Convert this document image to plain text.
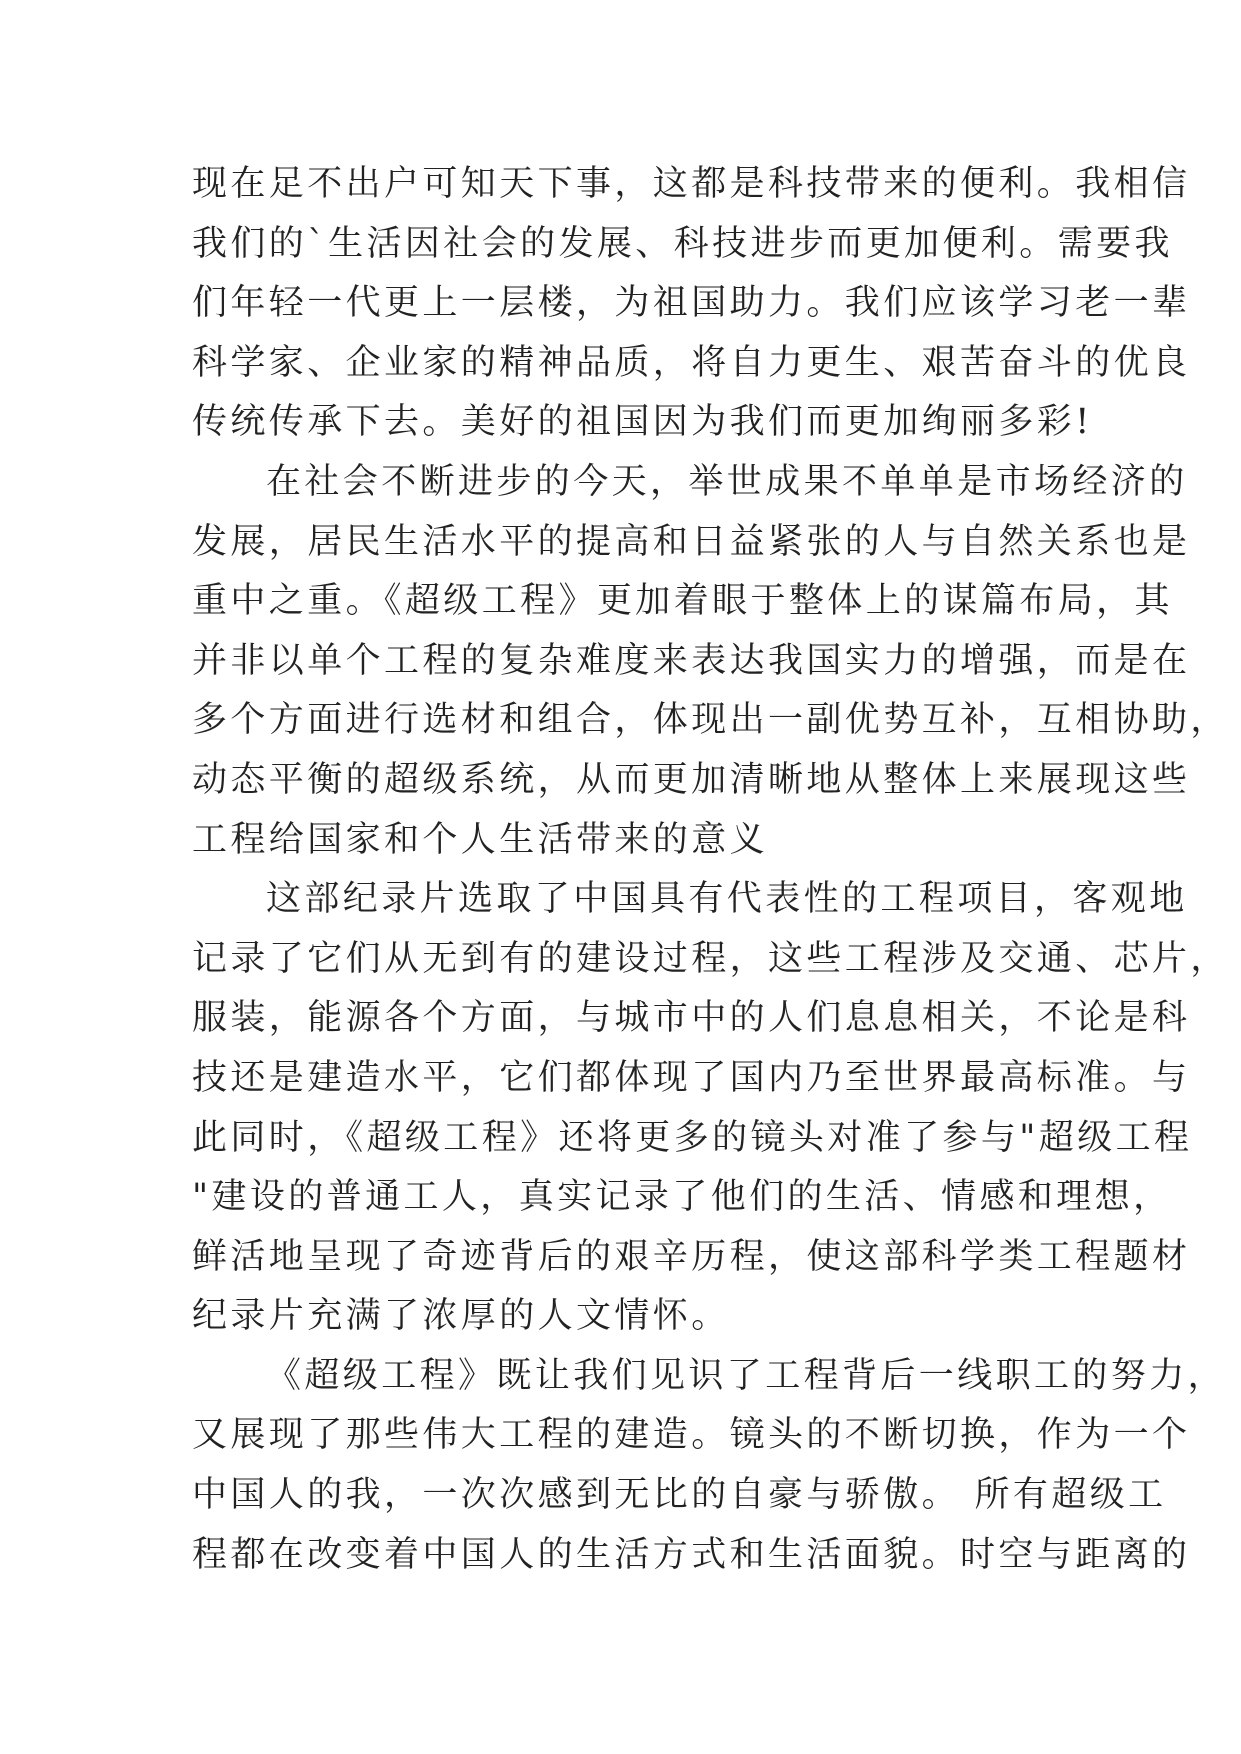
现在足不出户可知天下事，这都是科技带来的便利。我相信
我们的`生活因社会的发展、科技进步而更加便利。需要我
们年轻一代更上一层楼，为祖国助力。我们应该学习老一辈
科学家、企业家的精神品质，将自力更生、艰苦奋斗的优良
传统传承下去。美好的祖国因为我们而更加绚丽多彩!
在社会不断进步的今天，举世成果不单单是市场经济的
发展，居民生活水平的提高和日益紧张的人与自然关系也是
重中之重。《超级工程》更加着眼于整体上的谋篇布局，其
并非以单个工程的复杂难度来表达我国实力的增强，而是在
多个方面进行选材和组合，体现出一副优势互补，互相协助，
动态平衡的超级系统，从而更加清晰地从整体上来展现这些
工程给国家和个人生活带来的意义
这部纪录片选取了中国具有代表性的工程项目，客观地
记录了它们从无到有的建设过程，这些工程涉及交通、芯片，
服装，能源各个方面，与城市中的人们息息相关，不论是科
技还是建造水平，它们都体现了国内乃至世界最高标准。与
此同时，《超级工程》还将更多的镜头对准了参与"超级工程
"建设的普通工人，真实记录了他们的生活、情感和理想，
鲜活地呈现了奇迹背后的艰辛历程，使这部科学类工程题材
纪录片充满了浓厚的人文情怀。
《超级工程》既让我们见识了工程背后一线职工的努力，
又展现了那些伟大工程的建造。镜头的不断切换，作为一个
中国人的我，一次次感到无比的自豪与骄傲。 所有超级工
程都在改变着中国人的生活方式和生活面貌。时空与距离的
